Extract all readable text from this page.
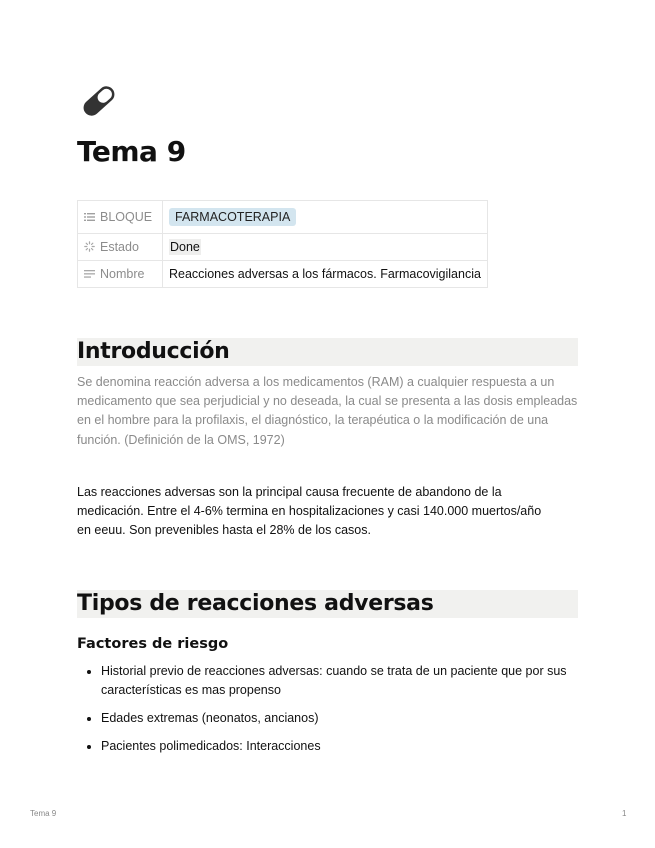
Tema 9
BLOQUE	FARMACOTERAPIA
Estado	Done
Nombre	Reacciones adversas a los fármacos. Farmacovigilancia
Introducción

Se denomina reacción adversa a los medicamentos (RAM) a cualquier respuesta a un medicamento que sea perjudicial y no deseada, la cual se presenta a las dosis empleadas en el hombre para la profilaxis, el diagnóstico, la terapéutica o la modificación de una función. (Definición de la OMS, 1972)

Las reacciones adversas son la principal causa frecuente de abandono de la medicación. Entre el 4-6% termina en hospitalizaciones y casi 140.000 muertos/año en eeuu. Son prevenibles hasta el 28% de los casos.

Tipos de reacciones adversas
Factores de riesgo
Historial previo de reacciones adversas: cuando se trata de un paciente que por sus características es mas propenso
Edades extremas (neonatos, ancianos)
Pacientes polimedicados: Interacciones
Tema 9	1
